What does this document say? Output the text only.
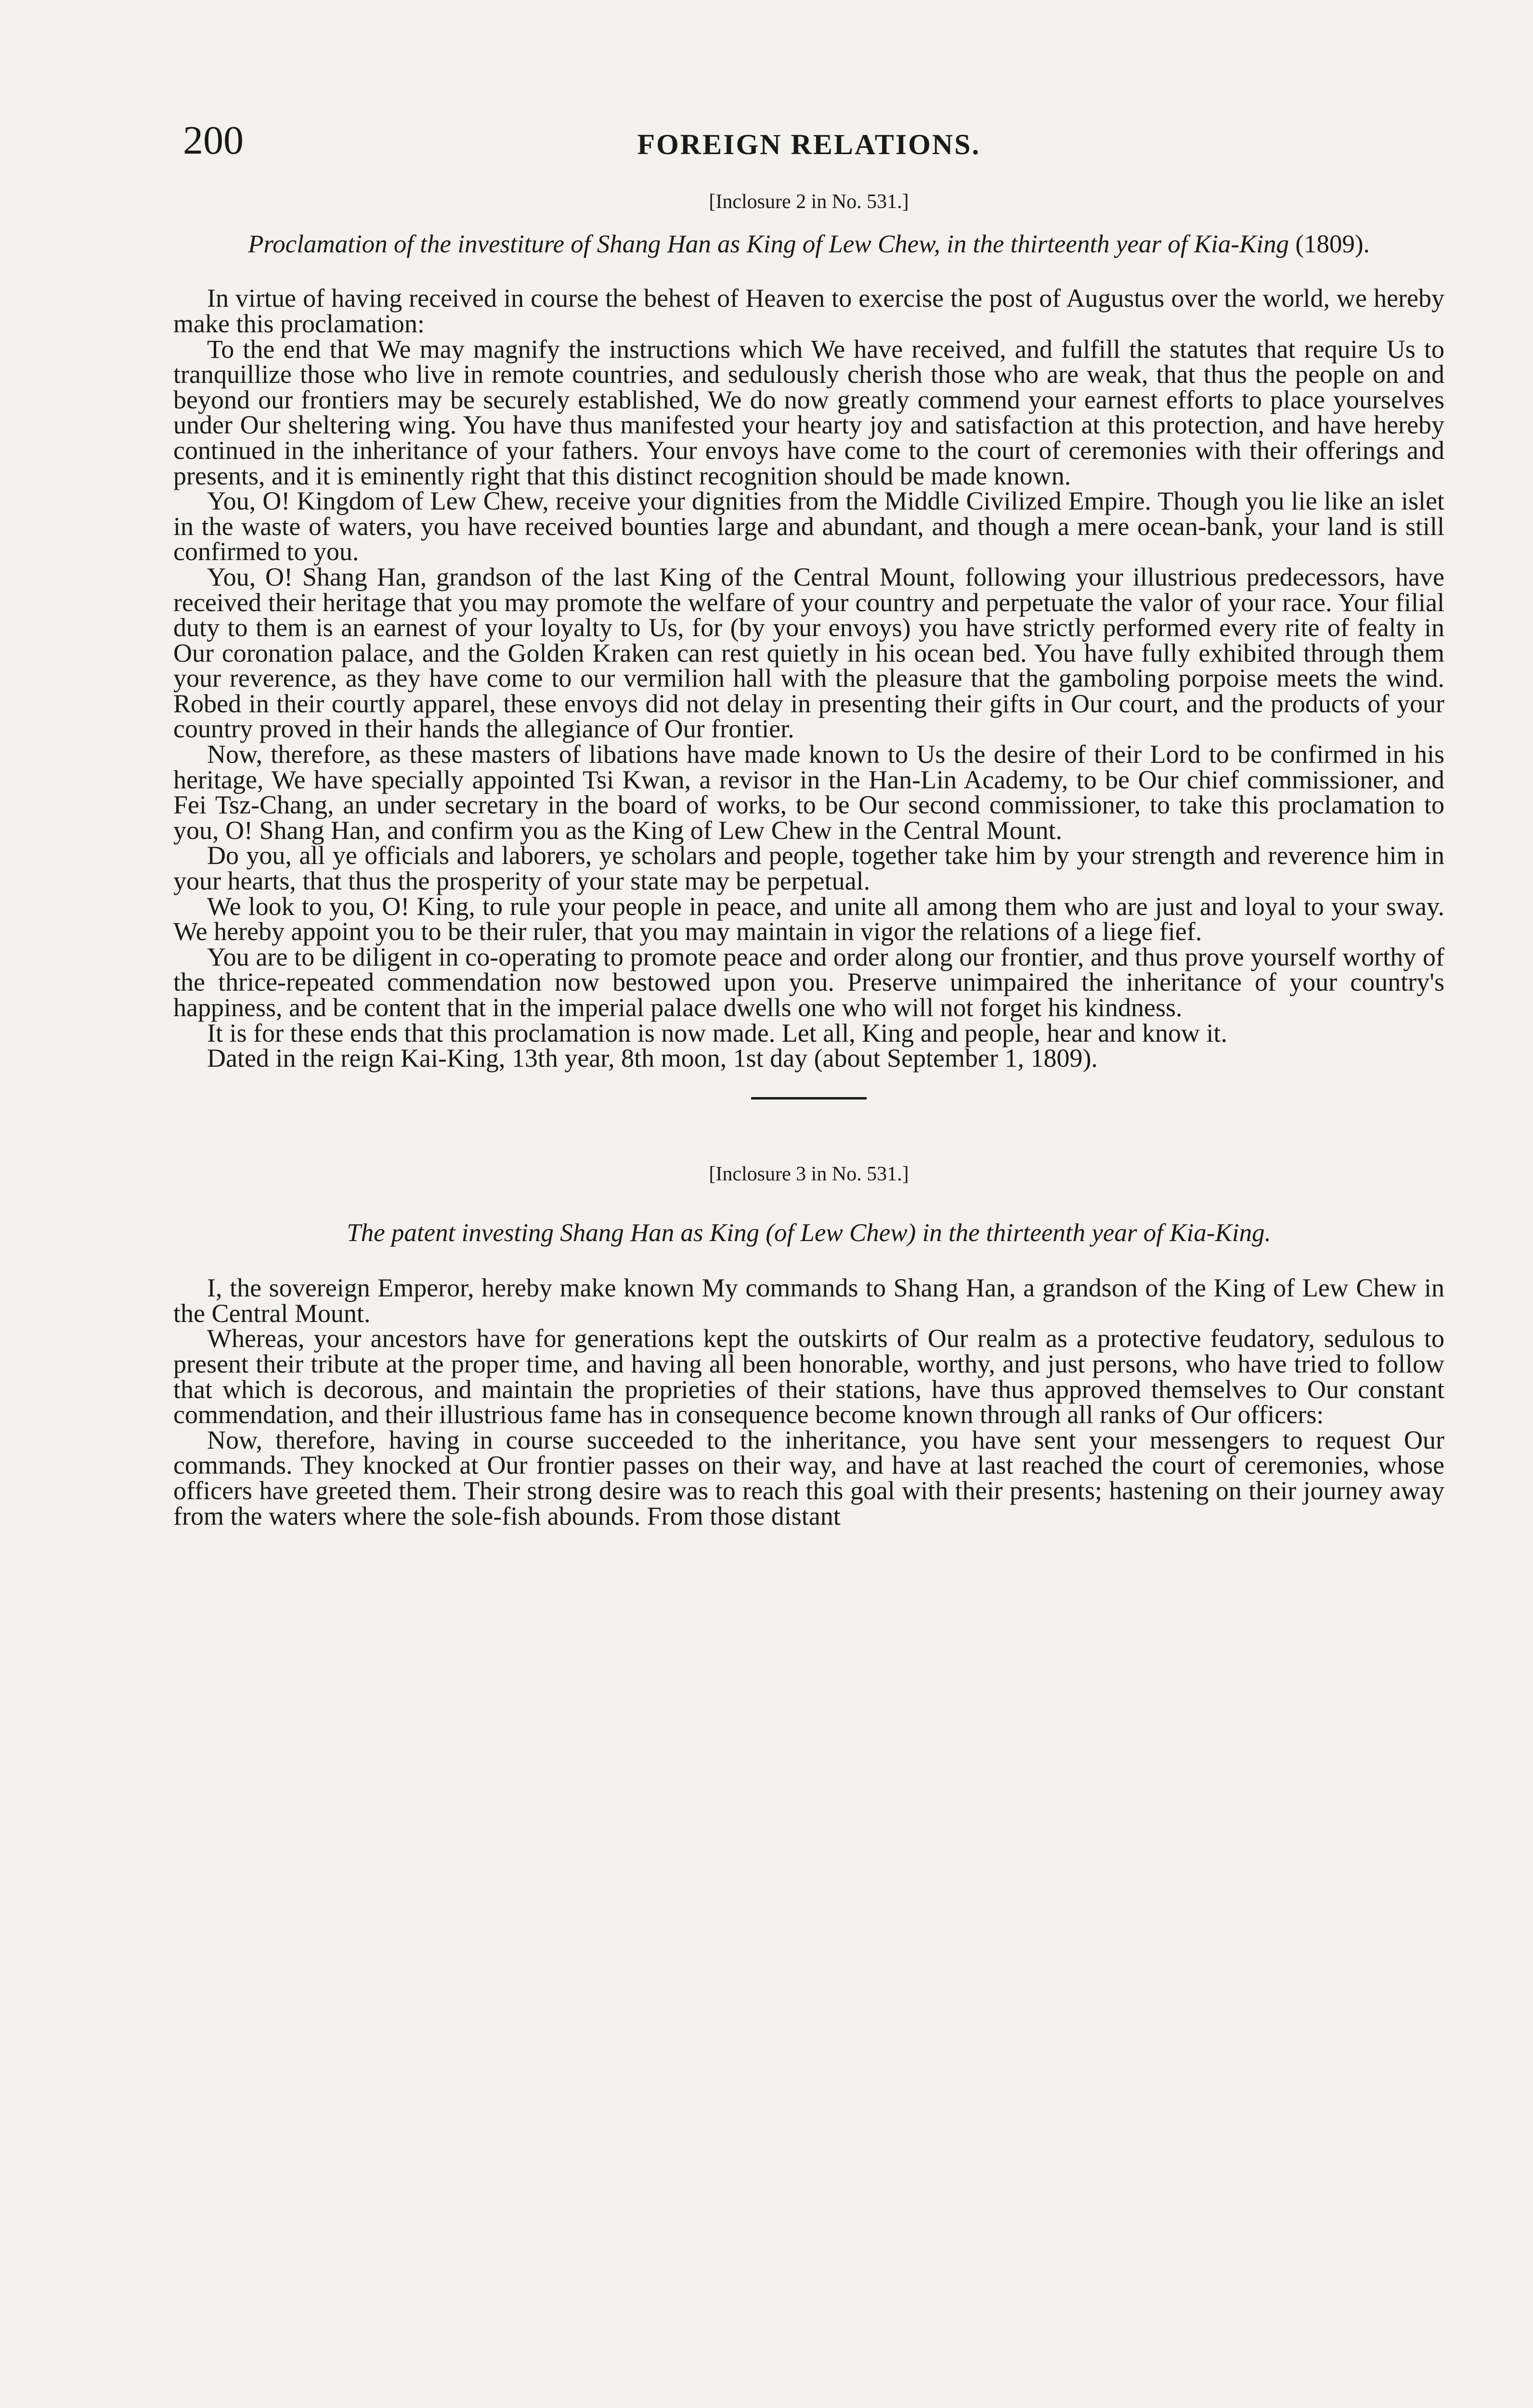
200	FOREIGN RELATIONS.
[Inclosure 2 in No. 531.]

Proclamation of the investiture of Shang Han as King of Lew Chew, in the thirteenth year of Kia-King (1809).

In virtue of having received in course the behest of Heaven to exercise the post of Augustus over the world, we hereby make this proclamation:

To the end that We may magnify the instructions which We have received, and fulfill the statutes that require Us to tranquillize those who live in remote countries, and sedulously cherish those who are weak, that thus the people on and beyond our frontiers may be securely established, We do now greatly commend your earnest efforts to place yourselves under Our sheltering wing. You have thus manifested your hearty joy and satisfaction at this protection, and have hereby continued in the inheritance of your fathers. Your envoys have come to the court of ceremonies with their offerings and presents, and it is eminently right that this distinct recognition should be made known.

You, O! Kingdom of Lew Chew, receive your dignities from the Middle Civilized Empire. Though you lie like an islet in the waste of waters, you have received bounties large and abundant, and though a mere ocean-bank, your land is still confirmed to you.

You, O! Shang Han, grandson of the last King of the Central Mount, following your illustrious predecessors, have received their heritage that you may promote the welfare of your country and perpetuate the valor of your race. Your filial duty to them is an earnest of your loyalty to Us, for (by your envoys) you have strictly performed every rite of fealty in Our coronation palace, and the Golden Kraken can rest quietly in his ocean bed. You have fully exhibited through them your reverence, as they have come to our vermilion hall with the pleasure that the gamboling porpoise meets the wind. Robed in their courtly apparel, these envoys did not delay in presenting their gifts in Our court, and the products of your country proved in their hands the allegiance of Our frontier.

Now, therefore, as these masters of libations have made known to Us the desire of their Lord to be confirmed in his heritage, We have specially appointed Tsi Kwan, a revisor in the Han-Lin Academy, to be Our chief commissioner, and Fei Tsz-Chang, an under secretary in the board of works, to be Our second commissioner, to take this proclamation to you, O! Shang Han, and confirm you as the King of Lew Chew in the Central Mount.

Do you, all ye officials and laborers, ye scholars and people, together take him by your strength and reverence him in your hearts, that thus the prosperity of your state may be perpetual.

We look to you, O! King, to rule your people in peace, and unite all among them who are just and loyal to your sway. We hereby appoint you to be their ruler, that you may maintain in vigor the relations of a liege fief.

You are to be diligent in co-operating to promote peace and order along our frontier, and thus prove yourself worthy of the thrice-repeated commendation now bestowed upon you. Preserve unimpaired the inheritance of your country's happiness, and be content that in the imperial palace dwells one who will not forget his kindness.

It is for these ends that this proclamation is now made. Let all, King and people, hear and know it.

Dated in the reign Kai-King, 13th year, 8th moon, 1st day (about September 1, 1809).

[Inclosure 3 in No. 531.]

The patent investing Shang Han as King (of Lew Chew) in the thirteenth year of Kia-King.

I, the sovereign Emperor, hereby make known My commands to Shang Han, a grandson of the King of Lew Chew in the Central Mount.

Whereas, your ancestors have for generations kept the outskirts of Our realm as a protective feudatory, sedulous to present their tribute at the proper time, and having all been honorable, worthy, and just persons, who have tried to follow that which is decorous, and maintain the proprieties of their stations, have thus approved themselves to Our constant commendation, and their illustrious fame has in consequence become known through all ranks of Our officers:

Now, therefore, having in course succeeded to the inheritance, you have sent your messengers to request Our commands. They knocked at Our frontier passes on their way, and have at last reached the court of ceremonies, whose officers have greeted them. Their strong desire was to reach this goal with their presents; hastening on their journey away from the waters where the sole-fish abounds. From those distant
